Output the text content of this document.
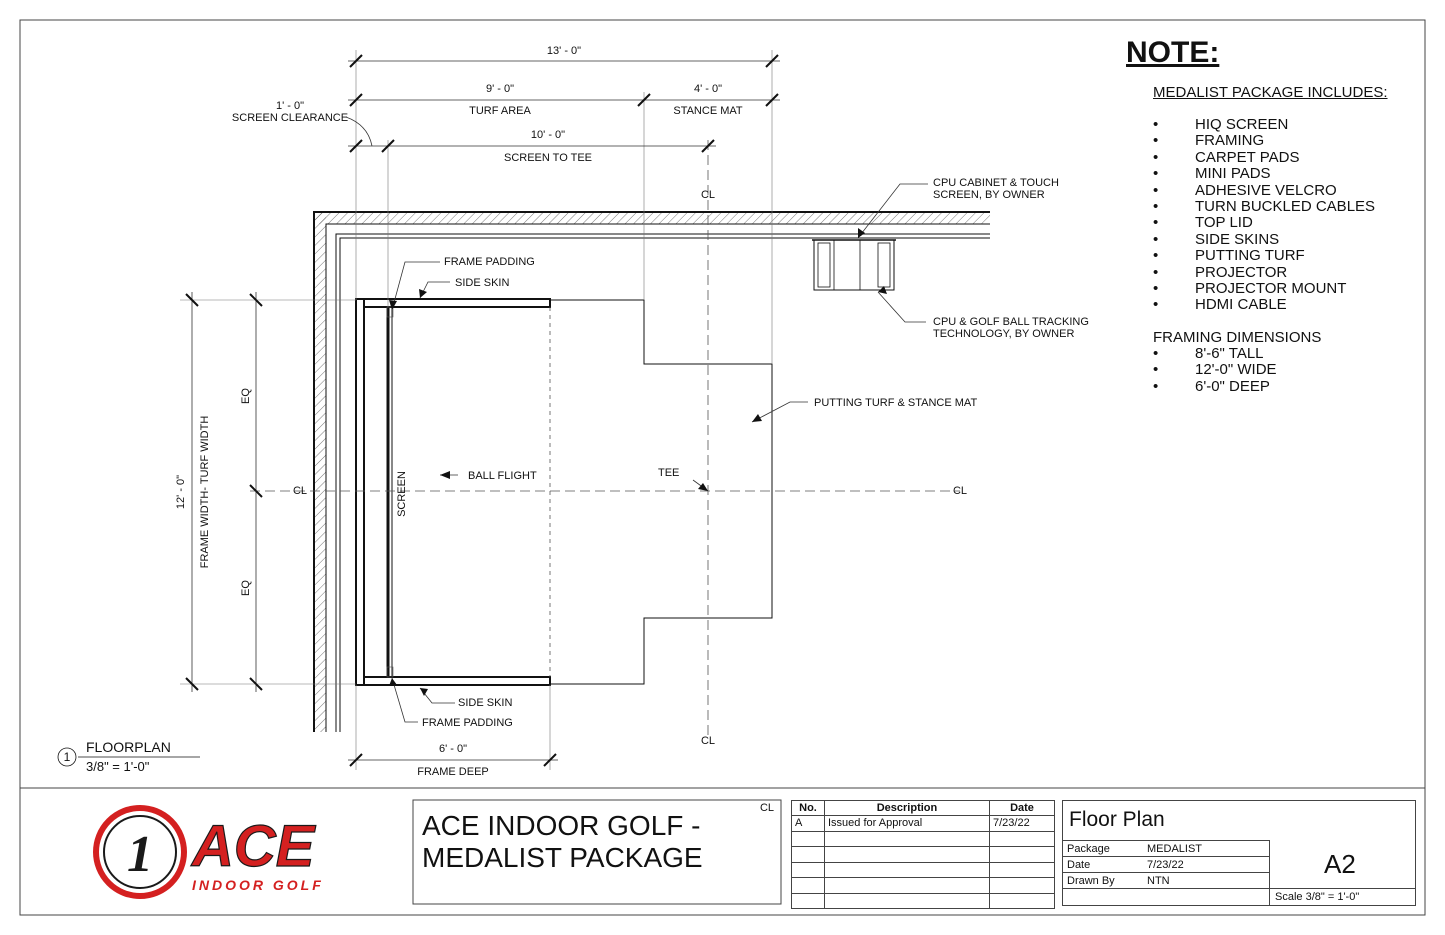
13' - 0"
9' - 0"
TURF AREA
4' - 0"
STANCE MAT
1' - 0"
SCREEN CLEARANCE
10' - 0"
SCREEN TO TEE
CPU CABINET & TOUCH
SCREEN, BY OWNER
CPU & GOLF BALL TRACKING
TECHNOLOGY, BY OWNER
FRAME PADDING
SIDE SKIN
PUTTING TURF & STANCE MAT
EQ
EQ
12' - 0" FRAME WIDTH- TURF WIDTH	SCREEN	BALL FLIGHT	TEE
SIDE SKIN
FRAME PADDING
6' - 0"
FRAME DEEP
CL
CL	CL
CL
CL
1
FLOORPLAN
3/8" = 1'-0"
1 ACE
INDOOR GOLF
NOTE:
MEDALIST PACKAGE INCLUDES:
• HIQ SCREEN
• FRAMING
• CARPET PADS
• MINI PADS
• ADHESIVE VELCRO
• TURN BUCKLED CABLES
• TOP LID
• SIDE SKINS
• PUTTING TURF
• PROJECTOR
• PROJECTOR MOUNT
• HDMI CABLE
FRAMING DIMENSIONS
• 8'-6" TALL
• 12'-0" WIDE
• 6'-0" DEEP
ACE INDOOR GOLF -
MEDALIST PACKAGE
No.	Description	Date
A	Issued for Approval	7/23/22

		Floor Plan
Package	MEDALIST
Date	7/23/22
Drawn By	NTN
A2
Scale 3/8" = 1'-0"
